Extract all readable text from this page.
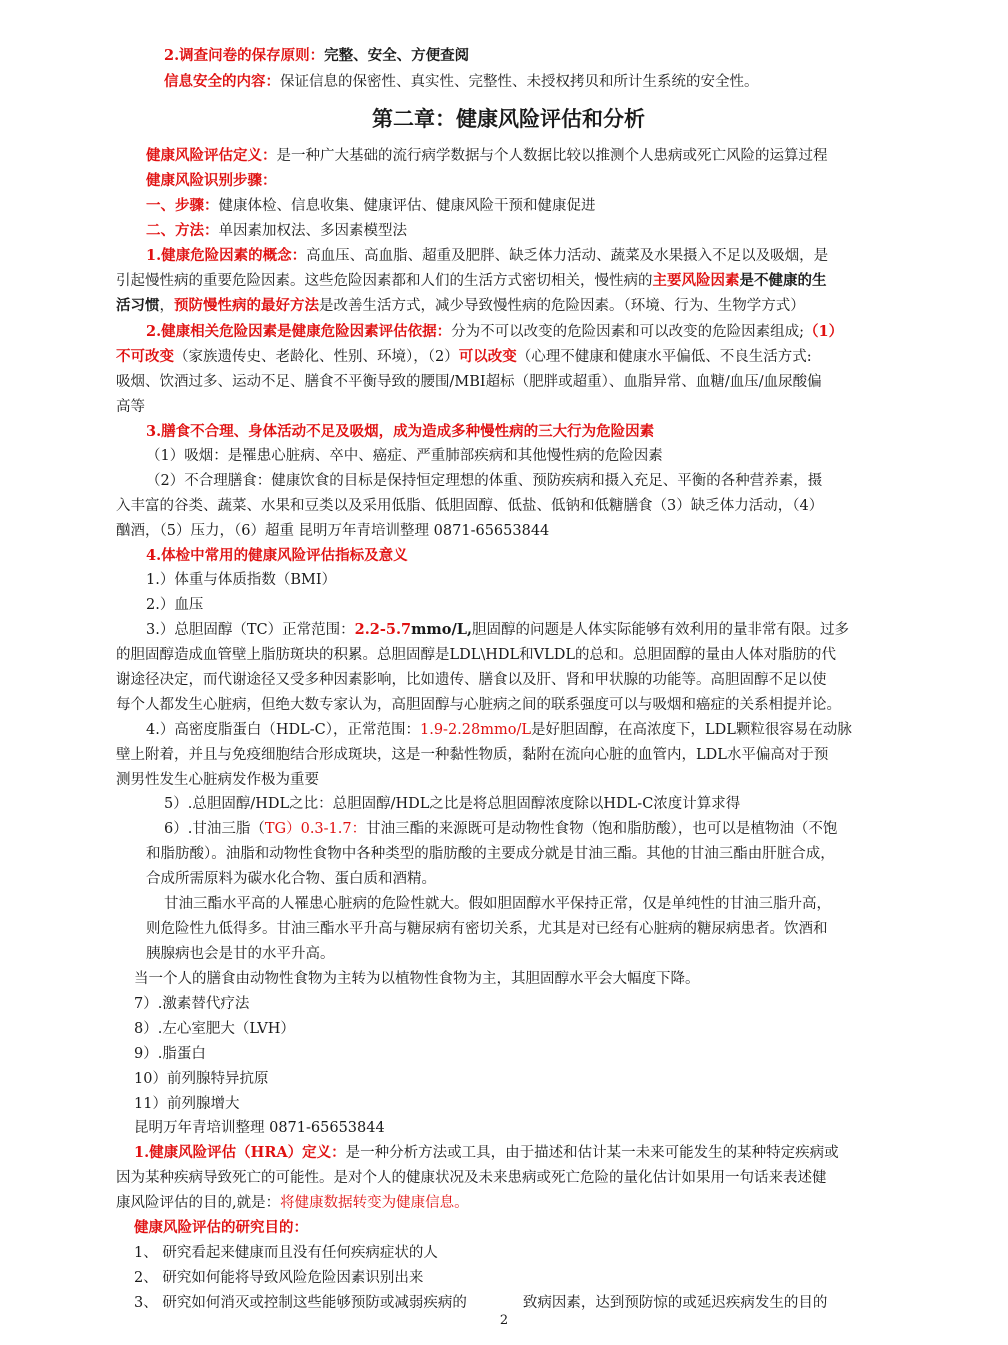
2.调查问卷的保存原则：完整、安全、方便查阅
信息安全的内容：保证信息的保密性、真实性、完整性、未授权拷贝和所计生系统的安全性。
第二章：健康风险评估和分析
健康风险评估定义：是一种广大基础的流行病学数据与个人数据比较以推测个人患病或死亡风险的运算过程
健康风险识别步骤：
一、步骤：健康体检、信息收集、健康评估、健康风险干预和健康促进
二、方法：单因素加权法、多因素模型法
1.健康危险因素的概念：高血压、高血脂、超重及肥胖、缺乏体力活动、蔬菜及水果摄入不足以及吸烟，是
引起慢性病的重要危险因素。这些危险因素都和人们的生活方式密切相关，慢性病的主要风险因素是不健康的生
活习惯，预防慢性病的最好方法是改善生活方式，减少导致慢性病的危险因素。（环境、行为、生物学方式）
2.健康相关危险因素是健康危险因素评估依据：分为不可以改变的危险因素和可以改变的危险因素组成;（1）
不可改变（家族遗传史、老龄化、性别、环境），（2）可以改变（心理不健康和健康水平偏低、不良生活方式:
吸烟、饮酒过多、运动不足、膳食不平衡导致的腰围/MBI超标（肥胖或超重）、血脂异常、血糖/血压/血尿酸偏
高等
3.膳食不合理、身体活动不足及吸烟，成为造成多种慢性病的三大行为危险因素
（1）吸烟：是罹患心脏病、卒中、癌症、严重肺部疾病和其他慢性病的危险因素
（2）不合理膳食：健康饮食的目标是保持恒定理想的体重、预防疾病和摄入充足、平衡的各种营养素，摄
入丰富的谷类、蔬菜、水果和豆类以及采用低脂、低胆固醇、低盐、低钠和低糖膳食（3）缺乏体力活动，（4）
酗酒，（5）压力，（6）超重 昆明万年青培训整理 0871-65653844
4.体检中常用的健康风险评估指标及意义
1.）体重与体质指数（BMI）
2.）血压
3.）总胆固醇（TC）正常范围：2.2-5.7mmo/L,胆固醇的问题是人体实际能够有效利用的量非常有限。过多
的胆固醇造成血管壁上脂肪斑块的积累。总胆固醇是LDL\HDL和VLDL的总和。总胆固醇的量由人体对脂肪的代
谢途径决定，而代谢途径又受多种因素影响，比如遗传、膳食以及肝、肾和甲状腺的功能等。高胆固醇不足以使
每个人都发生心脏病，但绝大数专家认为，高胆固醇与心脏病之间的联系强度可以与吸烟和癌症的关系相提并论。
4.）高密度脂蛋白（HDL-C），正常范围：1.9-2.28mmo/L是好胆固醇，在高浓度下，LDL颗粒很容易在动脉
壁上附着，并且与免疫细胞结合形成斑块，这是一种黏性物质，黏附在流向心脏的血管内，LDL水平偏高对于预
测男性发生心脏病发作极为重要
5）.总胆固醇/HDL之比：总胆固醇/HDL之比是将总胆固醇浓度除以HDL-C浓度计算求得
6）.甘油三脂（TG）0.3-1.7：甘油三酯的来源既可是动物性食物（饱和脂肪酸），也可以是植物油（不饱
和脂肪酸）。油脂和动物性食物中各种类型的脂肪酸的主要成分就是甘油三酯。其他的甘油三酯由肝脏合成，
合成所需原料为碳水化合物、蛋白质和酒精。
甘油三酯水平高的人罹患心脏病的危险性就大。假如胆固醇水平保持正常，仅是单纯性的甘油三脂升高，
则危险性九低得多。甘油三酯水平升高与糖尿病有密切关系，尤其是对已经有心脏病的糖尿病患者。饮酒和
胰腺病也会是甘的水平升高。
当一个人的膳食由动物性食物为主转为以植物性食物为主，其胆固醇水平会大幅度下降。
7）.激素替代疗法
8）.左心室肥大（LVH）
9）.脂蛋白
10）前列腺特异抗原
11）前列腺增大
昆明万年青培训整理 0871-65653844
1.健康风险评估（HRA）定义：是一种分析方法或工具，由于描述和估计某一未来可能发生的某种特定疾病或
因为某种疾病导致死亡的可能性。是对个人的健康状况及未来患病或死亡危险的量化估计如果用一句话来表述健
康风险评估的目的,就是：将健康数据转变为健康信息。
健康风险评估的研究目的：
1、 研究看起来健康而且没有任何疾病症状的人
2、 研究如何能将导致风险危险因素识别出来
3、 研究如何消灭或控制这些能够预防或减弱疾病的	致病因素，达到预防惊的或延迟疾病发生的目的
2
